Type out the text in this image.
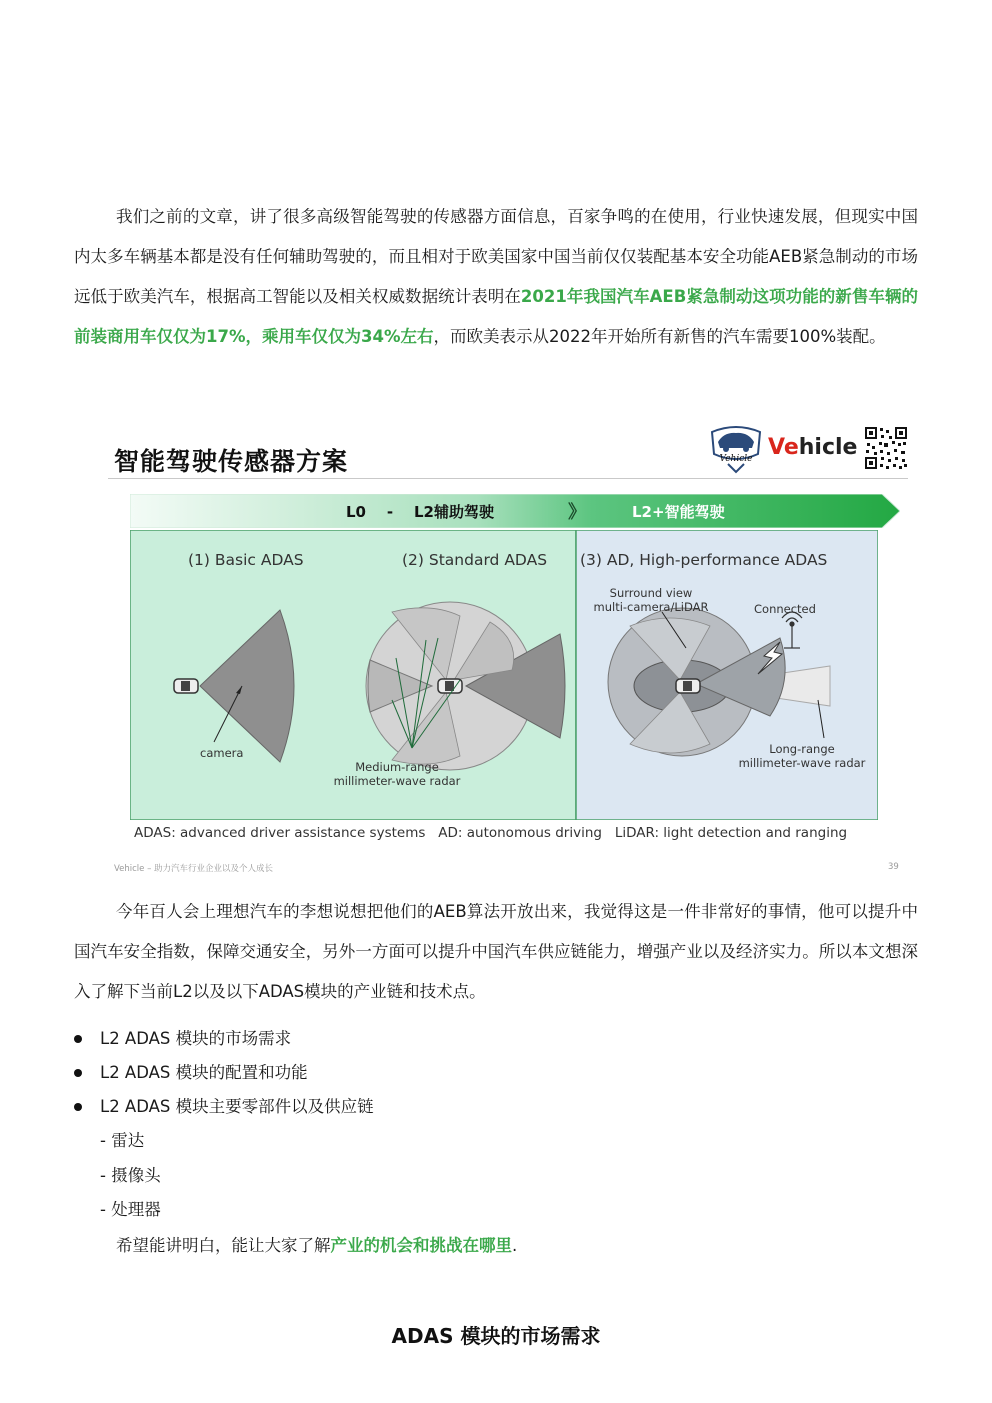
我们之前的文章，讲了很多高级智能驾驶的传感器方面信息，百家争鸣的在使用，行业快速发展，但现实中国内太多车辆基本都是没有任何辅助驾驶的，而且相对于欧美国家中国当前仅仅装配基本安全功能AEB紧急制动的市场远低于欧美汽车，根据高工智能以及相关权威数据统计表明在2021年我国汽车AEB紧急制动这项功能的新售车辆的前装商用车仅仅为17%，乘用车仅仅为34%左右，而欧美表示从2022年开始所有新售的汽车需要100%装配。

智能驾驶传感器方案	Vehicle Vehicle
L0    -    L2辅助驾驶	》	L2+智能驾驶
(1) Basic ADAS	(2) Standard ADAS (3) AD, High-performance ADAS
camera
Medium-range
millimeter-wave radar
Surround view
multi-camera/LiDAR	Connected
Long-range
millimeter-wave radar
ADAS: advanced driver assistance systems   AD: autonomous driving   LiDAR: light detection and ranging
Vehicle – 助力汽车行业企业以及个人成长	39

今年百人会上理想汽车的李想说想把他们的AEB算法开放出来，我觉得这是一件非常好的事情，他可以提升中国汽车安全指数，保障交通安全，另外一方面可以提升中国汽车供应链能力，增强产业以及经济实力。所以本文想深入了解下当前L2以及以下ADAS模块的产业链和技术点。

L2 ADAS 模块的市场需求
L2 ADAS 模块的配置和功能
L2 ADAS 模块主要零部件以及供应链
- 雷达
- 摄像头
- 处理器
希望能讲明白，能让大家了解产业的机会和挑战在哪里.
ADAS 模块的市场需求
